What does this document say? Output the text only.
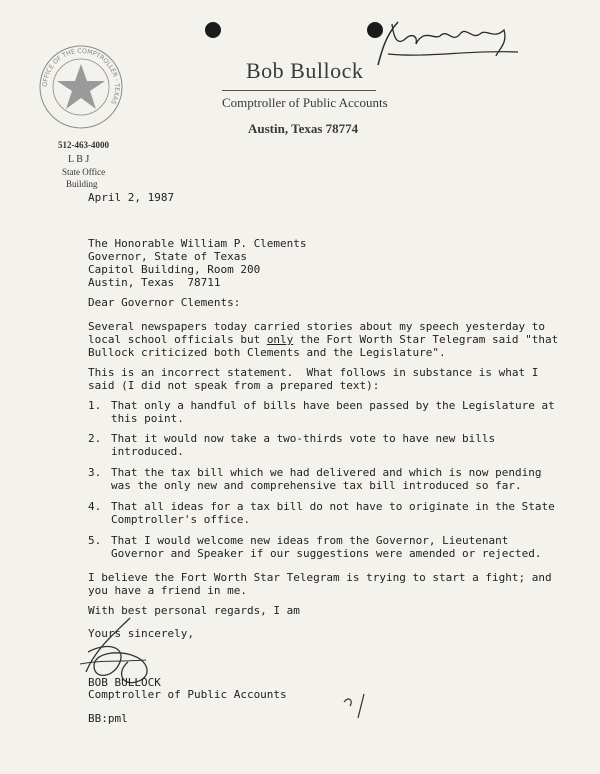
OFFICE OF THE COMPTROLLER · TEXAS
Bob Bullock
Comptroller of Public Accounts
Austin, Texas 78774
512-463-4000
L B J
State Office
Building
April 2, 1987
The Honorable William P. Clements
Governor, State of Texas
Capitol Building, Room 200
Austin, Texas  78711
Dear Governor Clements:
Several newspapers today carried stories about my speech yesterday to
local school officials but only the Fort Worth Star Telegram said "that
Bullock criticized both Clements and the Legislature".
This is an incorrect statement.  What follows in substance is what I
said (I did not speak from a prepared text):
1. That only a handful of bills have been passed by the Legislature at
this point.
2. That it would now take a two-thirds vote to have new bills
introduced.
3. That the tax bill which we had delivered and which is now pending
was the only new and comprehensive tax bill introduced so far.
4. That all ideas for a tax bill do not have to originate in the State
Comptroller's office.
5. That I would welcome new ideas from the Governor, Lieutenant
Governor and Speaker if our suggestions were amended or rejected.
I believe the Fort Worth Star Telegram is trying to start a fight; and
you have a friend in me.
With best personal regards, I am
Yours sincerely,
BOB BULLOCK
Comptroller of Public Accounts
BB:pml
